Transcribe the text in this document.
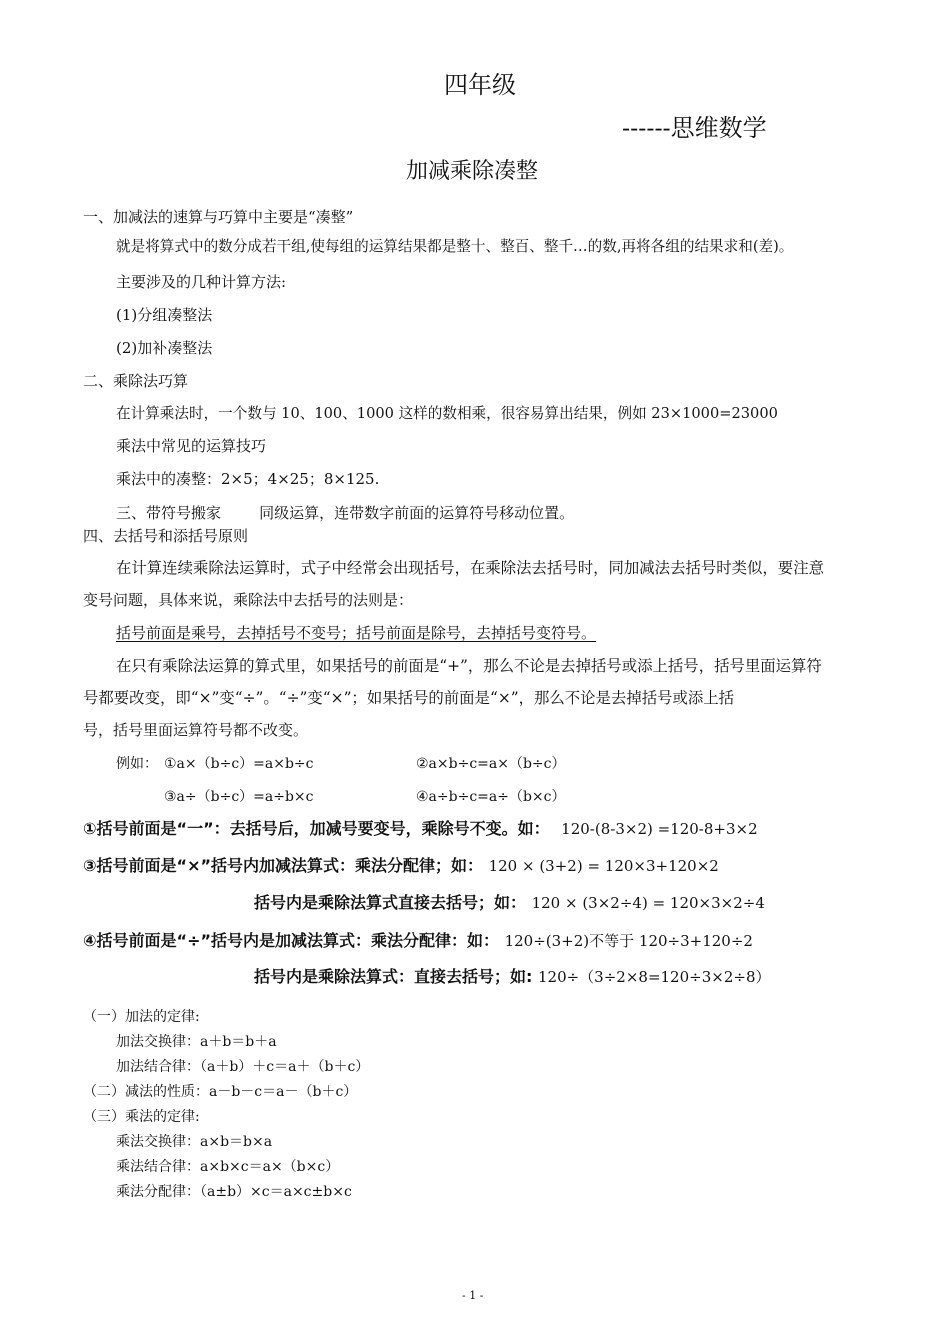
四年级
------思维数学
加减乘除凑整
一、加减法的速算与巧算中主要是“凑整”
就是将算式中的数分成若干组,使每组的运算结果都是整十、整百、整千…的数,再将各组的结果求和(差)。
主要涉及的几种计算方法:
(1)分组凑整法
(2)加补凑整法
二、乘除法巧算
在计算乘法时，一个数与 10、100、1000 这样的数相乘，很容易算出结果，例如 23×1000=23000
乘法中常见的运算技巧
乘法中的凑整：2×5；4×25；8×125.
三、带符号搬家        同级运算，连带数字前面的运算符号移动位置。
四、去括号和添括号原则
在计算连续乘除法运算时，式子中经常会出现括号，在乘除法去括号时，同加减法去括号时类似，要注意
变号问题，具体来说，乘除法中去括号的法则是：
括号前面是乘号，去掉括号不变号；括号前面是除号，去掉括号变符号。
在只有乘除法运算的算式里，如果括号的前面是“+”，那么不论是去掉括号或添上括号，括号里面运算符
号都要改变，即“×”变“÷”。“÷”变“×”；如果括号的前面是“×”，那么不论是去掉括号或添上括
号，括号里面运算符号都不改变。
例如： ①a×（b÷c）=a×b÷c	②a×b÷c=a×（b÷c）
③a÷（b÷c）=a÷b×c	④a÷b÷c=a÷（b×c）
①括号前面是“一”：去括号后，加减号要变号，乘除号不变。如： 120-(8-3×2) =120-8+3×2
③括号前面是“×”括号内加减法算式：乘法分配律；如： 120 × (3+2) = 120×3+120×2
括号内是乘除法算式直接去括号；如： 120 × (3×2÷4) = 120×3×2÷4
④括号前面是“÷”括号内是加减法算式：乘法分配律：如： 120÷(3+2)不等于 120÷3+120÷2
括号内是乘除法算式：直接去括号；如: 120÷（3÷2×8=120÷3×2÷8）
（一）加法的定律:
加法交换律：a＋b＝b＋a
加法结合律：（a＋b）＋c＝a＋（b＋c）
（二）减法的性质：a－b－c＝a－（b＋c）
（三）乘法的定律:
乘法交换律：a×b＝b×a
乘法结合律：a×b×c＝a×（b×c）
乘法分配律：（a±b）×c＝a×c±b×c
- 1 -
